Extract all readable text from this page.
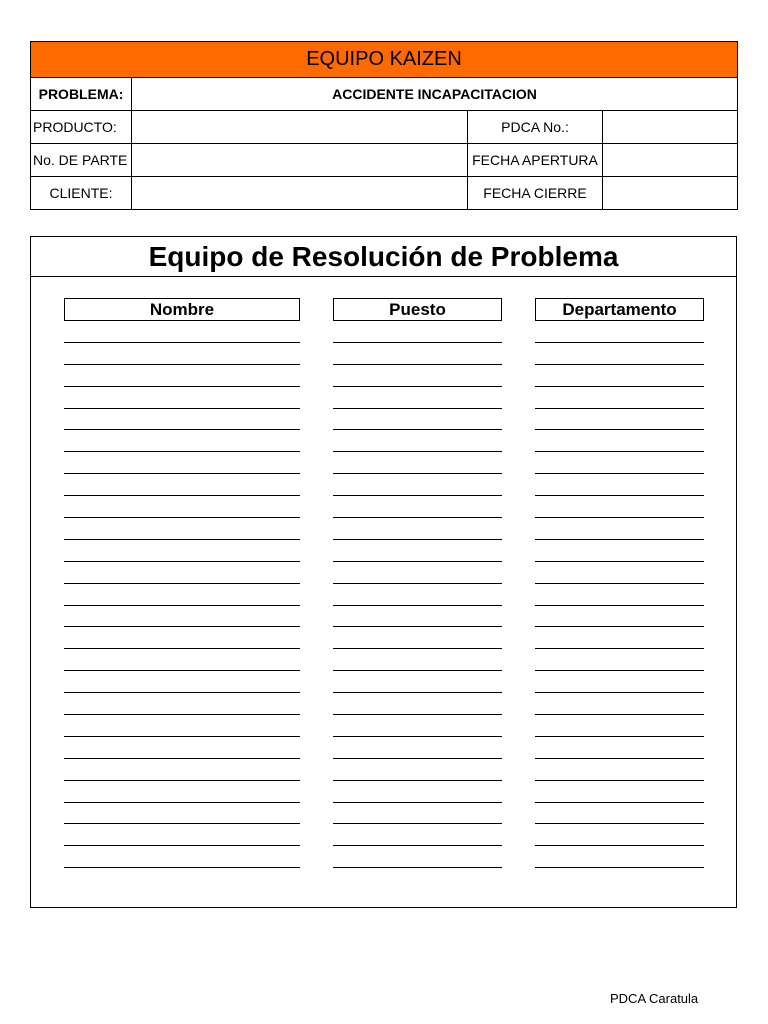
EQUIPO KAIZEN			
PROBLEMA:	ACCIDENTE INCAPACITACION		
PRODUCTO:		PDCA No.:	
No. DE PARTE		FECHA APERTURA	
CLIENTE:		FECHA CIERRE	
Equipo de Resolución de Problema
Nombre	Puesto	Departamento
PDCA Caratula
